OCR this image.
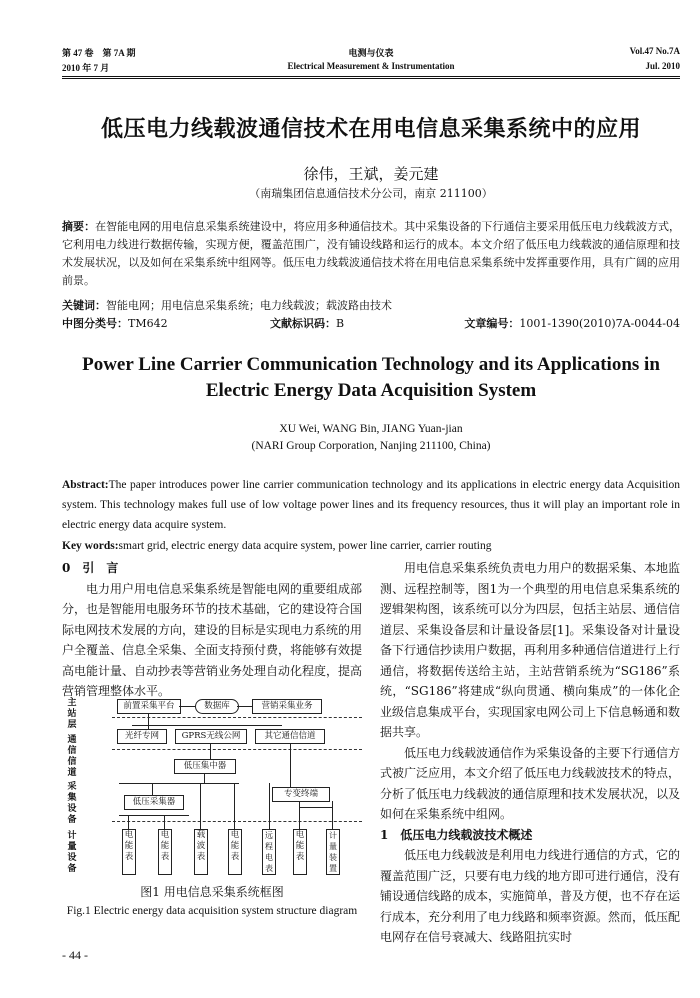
第 47 卷　第 7A 期
2010 年 7 月
电测与仪表
Electrical Measurement & Instrumentation
Vol.47 No.7A
Jul. 2010
低压电力线载波通信技术在用电信息采集系统中的应用
徐伟，王斌，姜元建
（南瑞集团信息通信技术分公司，南京 211100）
摘要：在智能电网的用电信息采集系统建设中，将应用多种通信技术。其中采集设备的下行通信主要采用低压电力线载波方式，它利用电力线进行数据传输，实现方便，覆盖范围广，没有铺设线路和运行的成本。本文介绍了低压电力线载波的通信原理和技术发展状况，以及如何在采集系统中组网等。低压电力线载波通信技术将在用电信息采集系统中发挥重要作用，具有广阔的应用前景。
关键词：智能电网；用电信息采集系统；电力线载波；载波路由技术
中图分类号：TM642	文献标识码：B	文章编号：1001-1390(2010)7A-0044-04
Power Line Carrier Communication Technology and its Applications in Electric Energy Data Acquisition System
XU Wei, WANG Bin, JIANG Yuan-jian
(NARI Group Corporation, Nanjing 211100, China)
Abstract:The paper introduces power line carrier communication technology and its applications in electric energy data Acquisition system. This technology makes full use of low voltage power lines and its frequency resources, thus it will play an important role in electric energy data acquire system.
Key words:smart grid, electric energy data acquire system, power line carrier, carrier routing

0　引　言

电力用户用电信息采集系统是智能电网的重要组成部分，也是智能用电服务环节的技术基础，它的建设符合国际电网技术发展的方向，建设的目标是实现电力系统的用户全覆盖、信息全采集、全面支持预付费，将能够有效提高电能计量、自动抄表等营销业务处理自动化程度，提高营销管理整体水平。

主站层
通信信道
采集设备
计量设备
前置采集平台	数据库	营销采集业务
光纤专网	GPRS无线公网	其它通信信道
低压集中器
专变终端
低压采集器
电能表
电能表
载波表
电能表
远程电表
电能表
计量装置
图1 用电信息采集系统框图
Fig.1 Electric energy data acquisition system structure diagram

用电信息采集系统负责电力用户的数据采集、本地监测、远程控制等，图1为一个典型的用电信息采集系统的逻辑架构图，该系统可以分为四层，包括主站层、通信信道层、采集设备层和计量设备层[1]。采集设备对计量设备下行通信抄读用户数据，再利用多种通信信道进行上行通信，将数据传送给主站，主站营销系统为“SG186”系统，“SG186”将建成“纵向贯通、横向集成”的一体化企业级信息集成平台，实现国家电网公司上下信息畅通和数据共享。

低压电力线载波通信作为采集设备的主要下行通信方式被广泛应用，本文介绍了低压电力线载波技术的特点，分析了低压电力线载波的通信原理和技术发展状况，以及如何在采集系统中组网。

1　低压电力线载波技术概述

低压电力线载波是利用电力线进行通信的方式，它的覆盖范围广泛，只要有电力线的地方即可进行通信，没有铺设通信线路的成本，实施简单，普及方便，也不存在运行成本，充分利用了电力线路和频率资源。然而，低压配电网存在信号衰减大、线路阻抗实时

- 44 -
